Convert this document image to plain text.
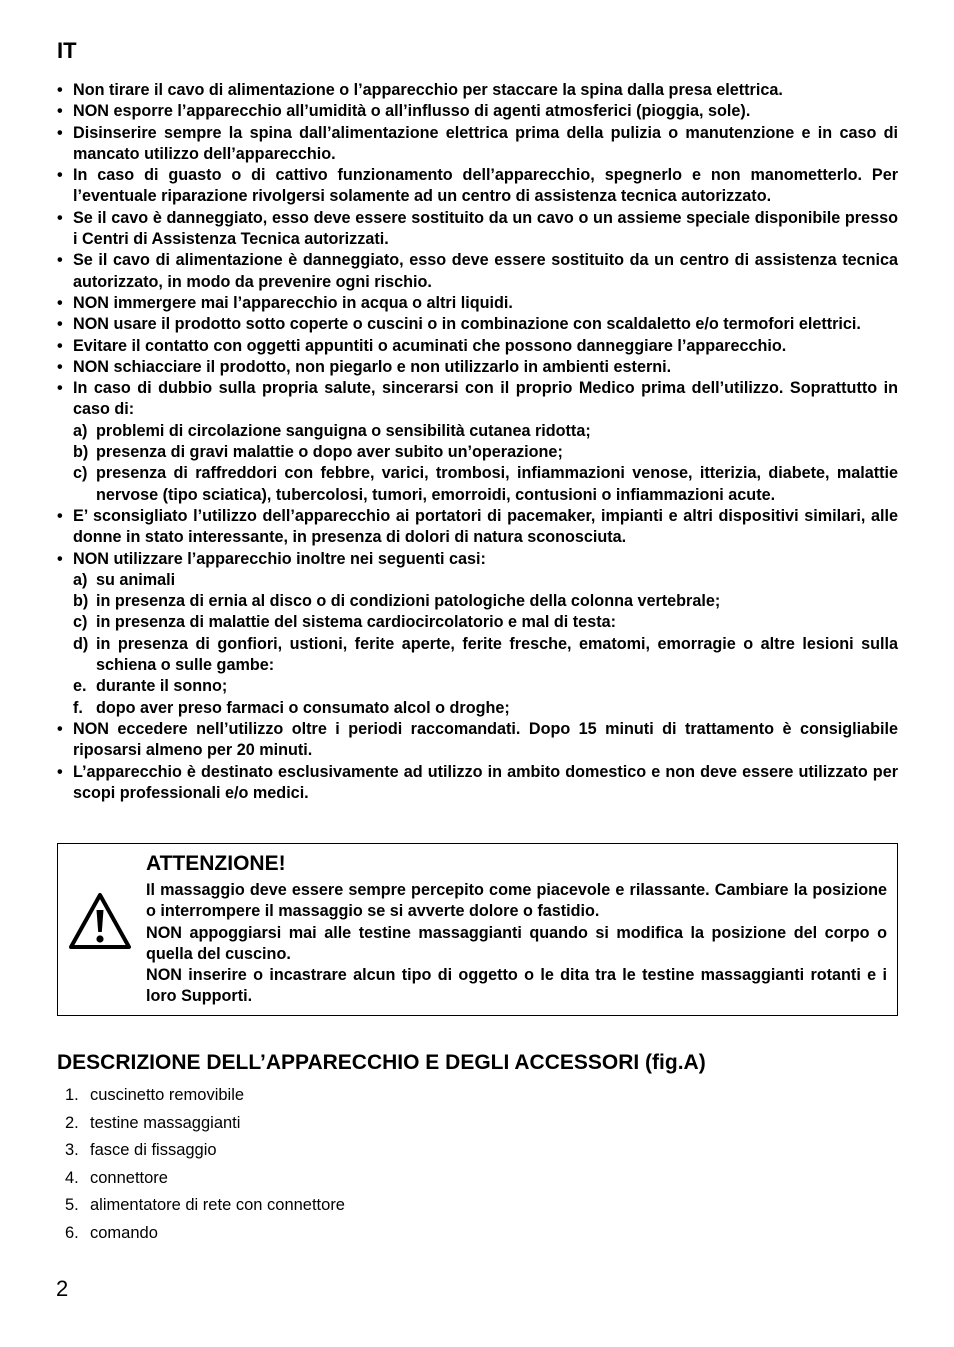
IT
• Non tirare il cavo di alimentazione o l’apparecchio per staccare la spina dalla presa elettrica.
• NON esporre l’apparecchio all’umidità o all’influsso di agenti atmosferici (pioggia, sole).
• Disinserire sempre la spina dall’alimentazione elettrica prima della pulizia o manutenzione e in caso di mancato utilizzo dell’apparecchio.
• In caso di guasto o di cattivo funzionamento dell’apparecchio, spegnerlo e non manometterlo. Per l’eventuale riparazione rivolgersi solamente ad un centro di assistenza tecnica autorizzato.
• Se il cavo è danneggiato, esso deve essere sostituito da un cavo o un assieme speciale disponibile presso i Centri di Assistenza Tecnica autorizzati.
• Se il cavo di alimentazione è danneggiato, esso deve essere sostituito da un centro di assistenza tecnica autorizzato, in modo da prevenire ogni rischio.
• NON immergere mai l’apparecchio in acqua o altri liquidi.
• NON usare il prodotto sotto coperte o cuscini o in combinazione con scaldaletto e/o termofori elettrici.
• Evitare il contatto con oggetti appuntiti o acuminati che possono danneggiare l’apparecchio.
• NON schiacciare il prodotto, non piegarlo e non utilizzarlo in ambienti esterni.
• In caso di dubbio sulla propria salute, sincerarsi con il proprio Medico prima dell’utilizzo. Soprattutto in caso di:
a) problemi di circolazione sanguigna o sensibilità cutanea ridotta;
b) presenza di gravi malattie o dopo aver subito un’operazione;
c) presenza di raffreddori con febbre, varici, trombosi, infiammazioni venose, itterizia, diabete, malattie nervose (tipo sciatica), tubercolosi, tumori, emorroidi, contusioni o infiammazioni acute.
• E’ sconsigliato l’utilizzo dell’apparecchio ai portatori di pacemaker, impianti e altri dispositivi similari, alle donne in stato interessante, in presenza di dolori di natura sconosciuta.
• NON utilizzare l’apparecchio inoltre nei seguenti casi:
a) su animali
b) in presenza di ernia al disco o di condizioni patologiche della colonna vertebrale;
c) in presenza di malattie del sistema cardiocircolatorio e mal di testa:
d) in presenza di gonfiori, ustioni, ferite aperte, ferite fresche, ematomi, emorragie o altre lesioni sulla schiena o sulle gambe:
e. durante il sonno;
f. dopo aver preso farmaci o consumato alcol o droghe;
• NON eccedere nell’utilizzo oltre i periodi raccomandati. Dopo 15 minuti di trattamento è consigliabile riposarsi almeno per 20 minuti.
• L’apparecchio è destinato esclusivamente ad utilizzo in ambito domestico e non deve essere utilizzato per scopi professionali e/o medici.
ATTENZIONE!

Il massaggio deve essere sempre percepito come piacevole e rilassante. Cambiare la posizione o interrompere il massaggio se si avverte dolore o fastidio.

NON appoggiarsi mai alle testine massaggianti quando si modifica la posizione del corpo o quella del cuscino.

NON inserire o incastrare alcun tipo di oggetto o le dita tra le testine massaggianti rotanti e i loro Supporti.

DESCRIZIONE DELL’APPARECCHIO E DEGLI ACCESSORI (fig.A)
1. cuscinetto removibile
2. testine massaggianti
3. fasce di fissaggio
4. connettore
5. alimentatore di rete con connettore
6. comando
2
